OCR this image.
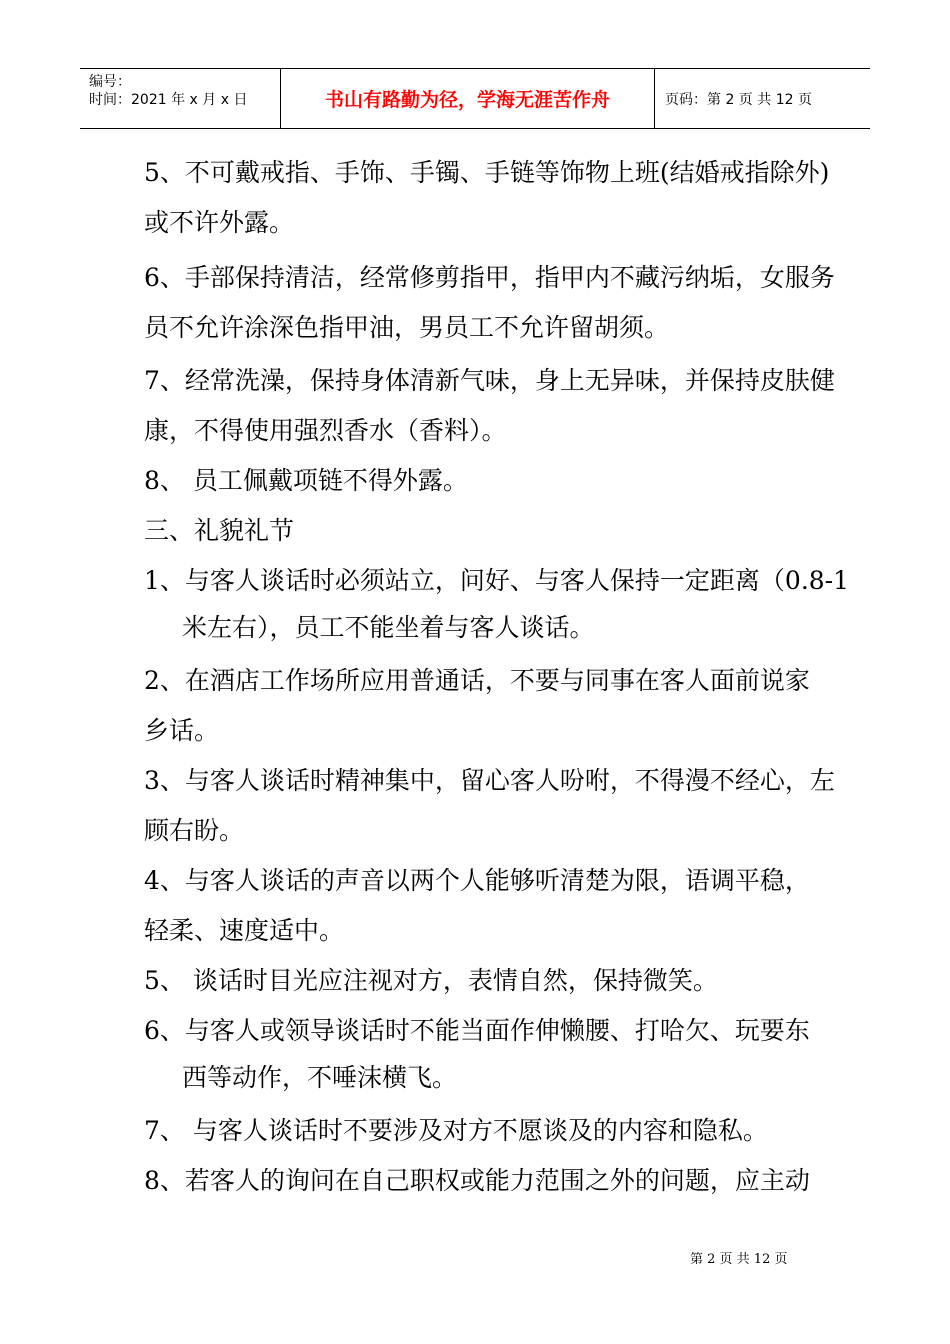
编号：
时间：2021 年 x 月 x 日	书山有路勤为径，学海无涯苦作舟	页码：第 2 页 共 12 页
5、不可戴戒指、手饰、手镯、手链等饰物上班(结婚戒指除外)
或不许外露。
6、手部保持清洁，经常修剪指甲，指甲内不藏污纳垢，女服务
员不允许涂深色指甲油，男员工不允许留胡须。
7、经常洗澡，保持身体清新气味，身上无异味，并保持皮肤健
康，不得使用强烈香水（香料）。
8、 员工佩戴项链不得外露。
三、礼貌礼节
1、与客人谈话时必须站立，问好、与客人保持一定距离（0.8-1
米左右），员工不能坐着与客人谈话。
2、在酒店工作场所应用普通话，不要与同事在客人面前说家
乡话。
3、与客人谈话时精神集中，留心客人吩咐，不得漫不经心，左
顾右盼。
4、与客人谈话的声音以两个人能够听清楚为限，语调平稳，
轻柔、速度适中。
5、 谈话时目光应注视对方，表情自然，保持微笑。
6、与客人或领导谈话时不能当面作伸懒腰、打哈欠、玩要东
西等动作，不唾沫横飞。
7、 与客人谈话时不要涉及对方不愿谈及的内容和隐私。
8、若客人的询问在自己职权或能力范围之外的问题，应主动
第 2 页 共 12 页
